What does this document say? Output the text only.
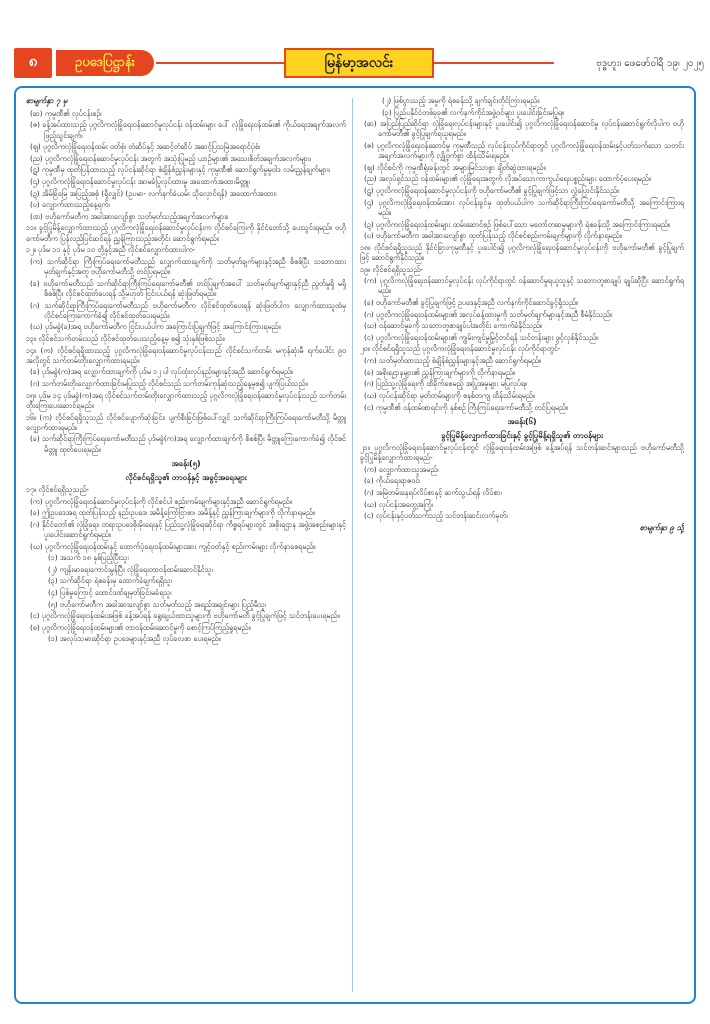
၈	ဥပဒေပြဋ္ဌာန်း	မြန်မာ့အလင်း	ဗုဒ္ဓဟူး၊ ဖေဖော်ဝါရီ ၁၉၊ ၂၀၂၅
စာမျက်နှာ ၇ မှ

(ဆ) ကုမ္ပဏီ၏ လုပ်ငန်းစဉ်၊

(ဇ) ခန့်အပ်ထားသည့် ပုဂ္ဂလိကလုံခြုံရေးဝန်ဆောင်မှုလုပ်ငန်း ဝန်ထမ်းများ ပေါ် လုံခြုံရေးဝန်ထမ်း၏ ကိုယ်ရေးအချက်အလက်ဖြည့်သွင်းချက်၊

(ဈ) ပုဂ္ဂလိကလုံခြုံရေးဝန်ထမ်း ဝတ်စုံ၊ တံဆိပ်နှင့် အဆင့်တံဆိပ် အဆင့်ပြသမြဲအရောင်ပုံစံ၊

(ည) ပုဂ္ဂလိကလုံခြုံရေးဝန်ဆောင်မှုလုပ်ငန်း အတွက် အသုံးပြုမည့် ယာဉ်များ၏ အသေးစိတ်အချက်အလက်များ၊

(ဋ) ကုမ္ပဏီမှ ထုတ်ပြန်ထားသည့် လုပ်ငန်းဆိုင်ရာ စံချိန်စံညွှန်းများနှင့် ကုမ္ပဏီ၏ ဆောင်ရွက်မှုမူဝါဒ လမ်းညွှန်ချက်များ၊

(ဌ) ပုဂ္ဂလိကလုံခြုံရေးဝန်ဆောင်မှုလုပ်ငန်း အာမခံပြုလုပ်ထားမှု အထောက်အထားမိတ္တူ၊

(ဍ) အိမ်ခြံမြေ အပြည့်အစုံ (ရှိလျှင်) (ဥပမာ- လက်နက်ခဲယမ်း သိုလှောင်ရန်) အထောက်အထား၊

(ဎ) လျှောက်ထားသည့်နေ့ရက်၊

(ဏ) ဗဟိုကော်မတီက အခါအားလျော်စွာ သတ်မှတ်သည့်အချက်အလက်များ။

၁၁။ ခွင့်ပြုမိန့်လျှောက်ထားသည့် ပုဂ္ဂလိကလုံခြုံရေးဝန်ဆောင်မှုလုပ်ငန်းက လိုင်စင်ကြေးကို နိုင်ငံတော်သို့ ပေးသွင်းရမည်။ ဗဟိုကော်မတီက ပြန်လည်ပြင်ဆင်ရန် ညွှန်ကြားသည့်အတိုင်း ဆောင်ရွက်ရမည်။

၁၂။ ပုဒ်မ ၁၁ နှင့် ပုဒ်မ ၁၀ တို့နှင့်အညီ လိုင်စင်လျှောက်ထားပါက-

(က) သက်ဆိုင်ရာ ကြီးကြပ်ရေးကော်မတီသည် လျှောက်ထားချက်ကို သတ်မှတ်ချက်များနှင့်အညီ စိစစ်ပြီး သဘောထားမှတ်ချက်နှင့်အတူ ဗဟိုကော်မတီသို့ တင်ပြရမည်။

(ခ) ဗဟိုကော်မတီသည် သက်ဆိုင်ရာကြီးကြပ်ရေးကော်မတီ၏ တင်ပြချက်အပေါ် သတ်မှတ်ချက်များနှင့်ညီ ညွတ်မှုရှိ မရှိ စိစစ်ပြီး လိုင်စင်ထုတ်ပေးရန် သို့မဟုတ် ငြင်းပယ်ရန် ဆုံးဖြတ်ရမည်။

(ဂ) သက်ဆိုင်ရာကြီးကြပ်ရေးကော်မတီသည် ဗဟိုကော်မတီက လိုင်စင်ထုတ်ပေးရန် ဆုံးဖြတ်ပါက လျှောက်ထားသူထံမှ လိုင်စင်ကြေးကောက်ခံ၍ လိုင်စင်ထုတ်ပေးရမည်။

(ဃ) ပုဒ်မခွဲ(ခ)အရ ဗဟိုကော်မတီက ငြင်းပယ်ပါက အကြောင်းပြချက်ဖြင့် အကြောင်းကြားရမည်။

၁၃။ လိုင်စင်သက်တမ်းသည် လိုင်စင်ထုတ်ပေးသည့်နေ့မှ စ၍ သုံးနှစ်ဖြစ်သည်။

၁၄။ (က) လိုင်စင်ရရှိထားသည့် ပုဂ္ဂလိကလုံခြုံရေးဝန်ဆောင်မှုလုပ်ငန်းသည် လိုင်စင်သက်တမ်း မကုန်ဆုံးမီ ရက်ပေါင်း ၉၀ အလိုတွင် သက်တမ်းတိုးလျှောက်ထားရမည်။

(ခ) ပုဒ်မခွဲ(က)အရ လျှောက်ထားချက်ကို ပုဒ်မ ၁၂ ပါ လုပ်ထုံးလုပ်နည်းများနှင့်အညီ ဆောင်ရွက်ရမည်။

(ဂ) သက်တမ်းတိုးလျှောက်ထားခြင်းမပြုသည့် လိုင်စင်သည် သက်တမ်းကုန်ဆုံးသည့်နေ့မှစ၍ ပျက်ပြယ်သည်။

၁၅။ ပုဒ်မ ၁၄ ပုဒ်မခွဲ(က)အရ လိုင်စင်သက်တမ်းတိုးလျှောက်ထားသည့် ပုဂ္ဂလိကလုံခြုံရေးဝန်ဆောင်မှုလုပ်ငန်းသည် သက်တမ်းတိုးကြေးပေးဆောင်ရမည်။

၁၆။ (က) လိုင်စင်ရရှိသူသည် လိုင်စင်ပျောက်ဆုံးခြင်း၊ ပျက်စီးခြင်းဖြစ်ပေါ်လျှင် သက်ဆိုင်ရာကြီးကြပ်ရေးကော်မတီသို့ မိတ္တူလျှောက်ထားရမည်။

(ခ) သက်ဆိုင်ရာကြီးကြပ်ရေးကော်မတီသည် ပုဒ်မခွဲ(က)အရ လျှောက်ထားချက်ကို စိစစ်ပြီး မိတ္တူကြေးကောက်ခံ၍ လိုင်စင်မိတ္တူ ထုတ်ပေးရမည်။

အခန်း(၅)
လိုင်စင်ရရှိသူ၏ တာဝန်နှင့် အခွင့်အရေးများ

၁၇။ လိုင်စင်ရရှိသူသည်-

(က) ပုဂ္ဂလိကလုံခြုံရေးဝန်ဆောင်မှုလုပ်ငန်းကို လိုင်စင်ပါ စည်းကမ်းချက်များနှင့်အညီ ဆောင်ရွက်ရမည်။

(ခ) ဤဥပဒေအရ ထုတ်ပြန်သည့် နည်းဥပဒေ၊ အမိန့်ကြော်ငြာစာ၊ အမိန့်နှင့် ညွှန်ကြားချက်များကို လိုက်နာရမည်။

(ဂ) နိုင်ငံတော်၏ လုံခြုံရေး၊ တရားဥပဒေစိုးမိုးရေးနှင့် ပြည်သူ့လုံခြုံရေးဆိုင်ရာ ကိစ္စရပ်များတွင် အစိုးရဌာန အဖွဲ့အစည်းများနှင့် ပူးပေါင်းဆောင်ရွက်ရမည်။

(ဃ) ပုဂ္ဂလိကလုံခြုံရေးဝန်ထမ်းနှင့် ထောက်ပံ့ရေးဝန်ထမ်းများအား ကျင့်ဝတ်နှင့် စည်းကမ်းများ လိုက်နာစေရမည်။

(၁) အသက် ၁၈ နှစ်ပြည့်ပြီးသူ၊

(၂) ကျန်းမာရေးကောင်းမွန်ပြီး လုံခြုံရေးတာဝန်ထမ်းဆောင်နိုင်သူ၊

(၃) သက်ဆိုင်ရာ ရဲစခန်းမှ ထောက်ခံချက်ရရှိသူ၊

(၄) ပြစ်မှုကြောင့် ထောင်ဒဏ်ချမှတ်ခြင်းမခံရသူ၊

(၅) ဗဟိုကော်မတီက အခါအားလျော်စွာ သတ်မှတ်သည့် အရည်အချင်းများ ပြည့်မီသူ၊

(င) ပုဂ္ဂလိကလုံခြုံရေးဝန်ထမ်းအဖြစ် ခန့်အပ်ရန် ရွေးချယ်ထားသူများကို ဗဟိုကော်မတီ ခွင့်ပြုချက်ဖြင့် သင်တန်းပေးရမည်။

(စ) ပုဂ္ဂလိကလုံခြုံရေးဝန်ထမ်းများ၏ တာဝန်ထမ်းဆောင်မှုကို စောင့်ကြပ်ကြည့်ရှုရမည်။

(၁) အလုပ်သမားဆိုင်ရာ ဥပဒေများနှင့်အညီ လုပ်ခလစာ ပေးရမည်။

(၂) ဖြစ်ပွားသည့် အမှုကို ရဲစခန်းသို့ ချက်ချင်းတိုင်ကြားရမည်။

(၃) ပြည်ပနိုင်ငံတစ်ခုခု၏ လက်နက်ကိုင်အဖွဲ့ဝင်များ ပူးပေါင်းခြင်းမပြုရ။

(ဆ) အပြည်ပြည်ဆိုင်ရာ လုံခြုံရေးလုပ်ငန်းများနှင့် ပူးပေါင်း၍ ပုဂ္ဂလိကလုံခြုံရေးဝန်ဆောင်မှု လုပ်ငန်းဆောင်ရွက်လိုပါက ဗဟိုကော်မတီ၏ ခွင့်ပြုချက်ရယူရမည်။

(ဇ) ပုဂ္ဂလိကလုံခြုံရေးဝန်ဆောင်မှု ကုမ္ပဏီသည် လုပ်ငန်းလုပ်ကိုင်ရာတွင် ပုဂ္ဂလိကလုံခြုံရေးဝန်ထမ်းနှင့်ပတ်သက်သော သတင်းအချက်အလက်များကို လျှို့ဝှက်စွာ ထိန်းသိမ်းရမည်။

(ဈ) လိုင်စင်ကို ကုမ္ပဏီရုံးခန်းတွင် အများမြင်သာစွာ ချိတ်ဆွဲထားရမည်။

(ည) အလုပ်ရှင်သည် ဝန်ထမ်းများ၏ လုံခြုံရေးအတွက် လိုအပ်သောကာကွယ်ရေးပစ္စည်းများ ထောက်ပံ့ပေးရမည်။

(ဋ) ပုဂ္ဂလိကလုံခြုံရေးဝန်ဆောင်မှုလုပ်ငန်းကို ဗဟိုကော်မတီ၏ ခွင့်ပြုချက်ဖြင့်သာ လွှဲပြောင်းနိုင်သည်။

(ဌ) ပုဂ္ဂလိကလုံခြုံရေးဝန်ထမ်းအား လုပ်ငန်းခွင်မှ ထုတ်ပယ်ပါက သက်ဆိုင်ရာကြီးကြပ်ရေးကော်မတီသို့ အကြောင်းကြားရမည်။

(ဍ) ပုဂ္ဂလိကလုံခြုံရေးဝန်ထမ်းများ ထမ်းဆောင်စဉ် ဖြစ်ပေါ်သော မတော်တဆမှုများကို ရဲစခန်းသို့ အကြောင်းကြားရမည်။

(ဎ) ဗဟိုကော်မတီက အခါအားလျော်စွာ ထုတ်ပြန်သည့် လိုင်စင်စည်းကမ်းချက်များကို လိုက်နာရမည်။

၁၈။ လိုင်စင်ရရှိသူသည် နိုင်ငံခြားကုမ္ပဏီနှင့် ပူးပေါင်း၍ ပုဂ္ဂလိကလုံခြုံရေးဝန်ဆောင်မှုလုပ်ငန်းကို ဗဟိုကော်မတီ၏ ခွင့်ပြုချက်ဖြင့် ဆောင်ရွက်နိုင်သည်။

၁၉။ လိုင်စင်ရရှိသူသည်-

(က) ပုဂ္ဂလိကလုံခြုံရေးဝန်ဆောင်မှုလုပ်ငန်း လုပ်ကိုင်ရာတွင် ဝန်ဆောင်မှုရယူသူနှင့် သဘောတူစာချုပ် ချုပ်ဆိုပြီး ဆောင်ရွက်ရမည်။

(ခ) ဗဟိုကော်မတီ၏ ခွင့်ပြုချက်ဖြင့် ဥပဒေနှင့်အညီ လက်နက်ကိုင်ဆောင်ခွင့်ရှိသည်။

(ဂ) ပုဂ္ဂလိကလုံခြုံရေးဝန်ထမ်းများ၏ အလုပ်ခန့်ထားမှုကို သတ်မှတ်ချက်များနှင့်အညီ စီမံနိုင်သည်။

(ဃ) ဝန်ဆောင်မှုခကို သဘောတူစာချုပ်ပါအတိုင်း ကောက်ခံနိုင်သည်။

(င) ပုဂ္ဂလိကလုံခြုံရေးဝန်ထမ်းများ၏ ကျွမ်းကျင်မှုမြှင့်တင်ရန် သင်တန်းများ ဖွင့်လှစ်နိုင်သည်။

၂၀။ လိုင်စင်ရရှိသူသည် ပုဂ္ဂလိကလုံခြုံရေးဝန်ဆောင်မှုလုပ်ငန်း လုပ်ကိုင်ရာတွင်-

(က) သတ်မှတ်ထားသည့် စံချိန်စံညွှန်းများနှင့်အညီ ဆောင်ရွက်ရမည်။

(ခ) အစိုးရဌာနများ၏ ညွှန်ကြားချက်များကို လိုက်နာရမည်။

(ဂ) ပြည်သူ့လုံခြုံရေးကို ထိခိုက်စေမည့် အပြုအမူများ မပြုလုပ်ရ။

(ဃ) လုပ်ငန်းဆိုင်ရာ မှတ်တမ်းများကို စနစ်တကျ ထိန်းသိမ်းရမည်။

(င) ကုမ္ပဏီ၏ ဝန်ထမ်းစာရင်းကို နှစ်စဉ် ကြီးကြပ်ရေးကော်မတီသို့ တင်ပြရမည်။

အခန်း(၆)
ခွင့်ပြုမိန့်လျှောက်ထားခြင်းနှင့် ခွင့်ပြုမိန့်ရရှိသူ၏ တာဝန်များ

၂၁။ ပုဂ္ဂလိကလုံခြုံရေးဝန်ဆောင်မှုလုပ်ငန်းတွင် လုံခြုံရေးဝန်ထမ်းအဖြစ် ခန့်အပ်ရန် သင်တန်းဆင်းများသည် ဗဟိုကော်မတီသို့ ခွင့်ပြုမိန့်လျှောက်ထားရမည်-

(က) လျှောက်ထားသူအမည်၊

(ခ) ကိုယ်ရေးရာဇဝင်၊

(ဂ) အမြဲတမ်းနေရပ်လိပ်စာနှင့် ဆက်သွယ်ရန် လိပ်စာ၊

(ဃ) လုပ်ငန်းအတွေ့အကြုံ၊

(င) လုပ်ငန်းနှင့်ပတ်သက်သည့် သင်တန်းဆင်းလက်မှတ်၊

စာမျက်နှာ ၉ သို့
